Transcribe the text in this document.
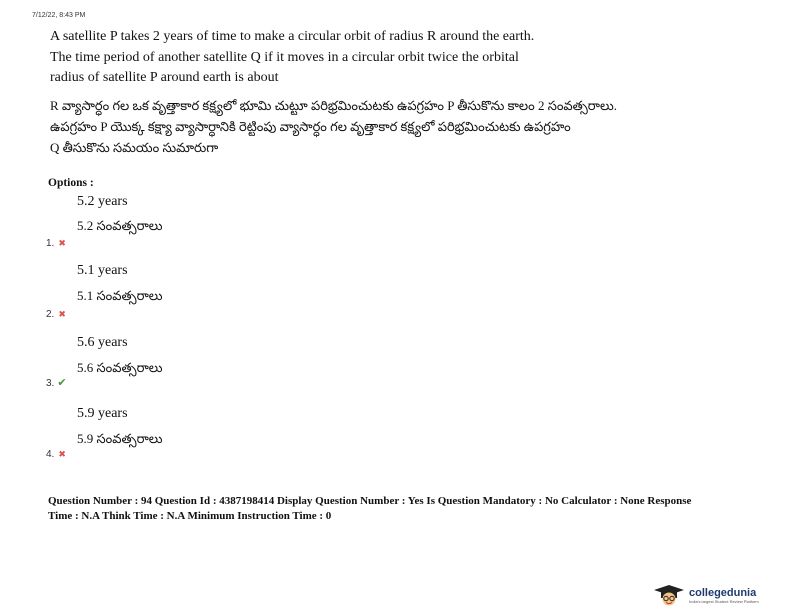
7/12/22, 8:43 PM
A satellite P takes 2 years of time to make a circular orbit of radius R around the earth.
The time period of another satellite Q if it moves in a circular orbit twice the orbital
radius of satellite P around earth is about
R వ్యాసార్ధం గల ఒక వృత్తాకార కక్ష్యలో భూమి చుట్టూ పరిభ్రమించుటకు ఉపగ్రహం P తీసుకొను కాలం 2 సంవత్సరాలు.
ఉపగ్రహం P యొక్క కక్ష్యా వ్యాసార్ధానికి రెట్టింపు వ్యాసార్ధం గల వృత్తాకార కక్ష్యలో పరిభ్రమించుటకు ఉపగ్రహం
Q తీసుకొను సమయం సుమారుగా
Options :
5.2 years
5.2 సంవత్సరాలు
1. ✖
5.1 years
5.1 సంవత్సరాలు
2. ✖
5.6 years
5.6 సంవత్సరాలు
3. ✔
5.9 years
5.9 సంవత్సరాలు
4. ✖
Question Number : 94 Question Id : 4387198414 Display Question Number : Yes Is Question Mandatory : No Calculator : None Response
Time : N.A Think Time : N.A Minimum Instruction Time : 0
collegedunia
India's largest Student Review Platform
